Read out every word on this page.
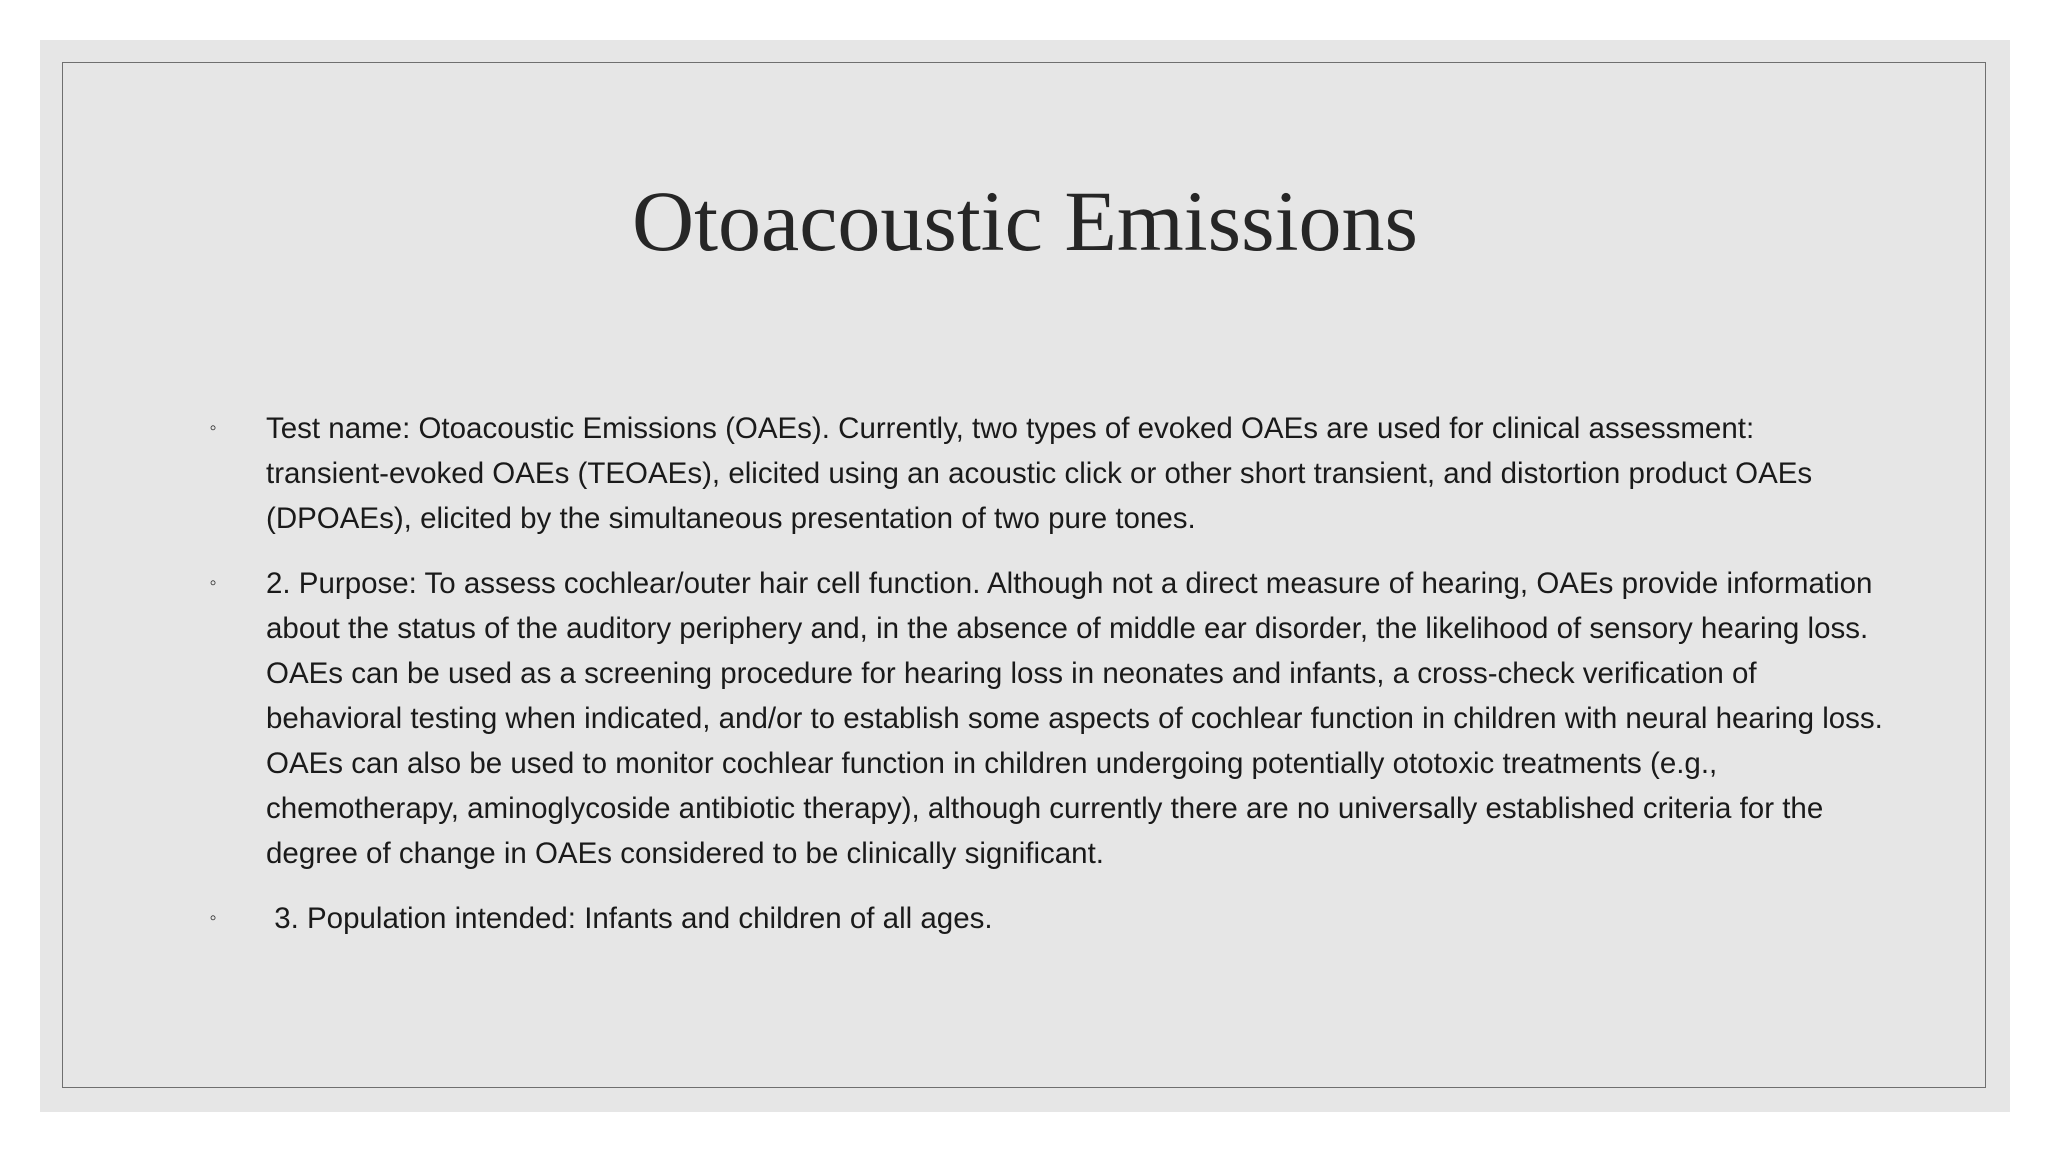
Otoacoustic Emissions
◦	Test name: Otoacoustic Emissions (OAEs). Currently, two types of evoked OAEs are used for clinical assessment: transient-evoked OAEs (TEOAEs), elicited using an acoustic click or other short transient, and distortion product OAEs (DPOAEs), elicited by the simultaneous presentation of two pure tones.
◦	2. Purpose: To assess cochlear/outer hair cell function. Although not a direct measure of hearing, OAEs provide information about the status of the auditory periphery and, in the absence of middle ear disorder, the likelihood of sensory hearing loss. OAEs can be used as a screening procedure for hearing loss in neonates and infants, a cross-check verification of behavioral testing when indicated, and/or to establish some aspects of cochlear function in children with neural hearing loss. OAEs can also be used to monitor cochlear function in children undergoing potentially ototoxic treatments (e.g., chemotherapy, aminoglycoside antibiotic therapy), although currently there are no universally established criteria for the degree of change in OAEs considered to be clinically significant.
◦	3. Population intended: Infants and children of all ages.
